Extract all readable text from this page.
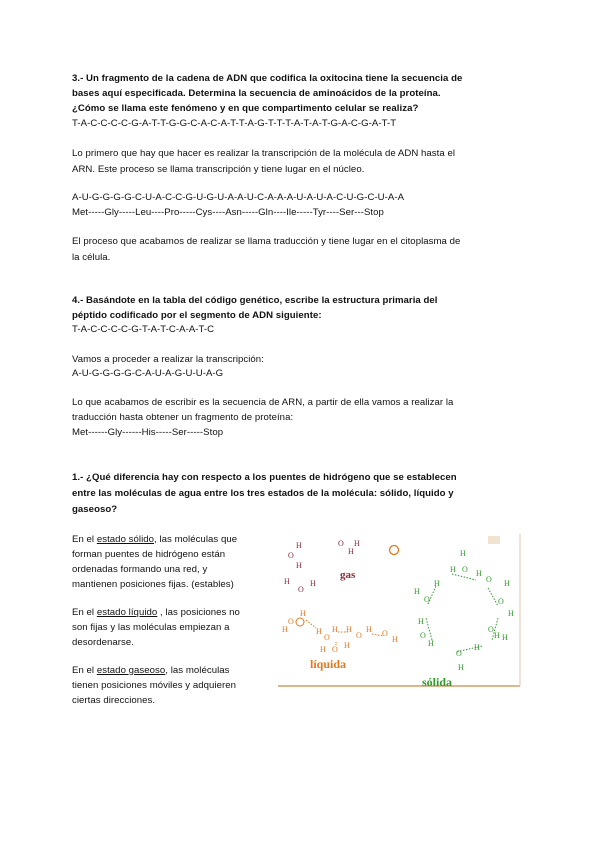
3.- Un fragmento de la cadena de ADN que codifica la oxitocina tiene la secuencia de
bases aquí especificada. Determina la secuencia de aminoácidos de la proteína.
¿Cómo se llama este fenómeno y en que compartimento celular se realiza?
T-A-C-C-C-C-G-A-T-T-G-G-C-A-C-A-T-T-A-G-T-T-T-A-T-A-T-G-A-C-G-A-T-T
Lo primero que hay que hacer es realizar la transcripción de la molécula de ADN hasta el
ARN. Este proceso se llama transcripción y tiene lugar en el núcleo.
A-U-G-G-G-G-C-U-A-C-C-G-U-G-U-A-A-U-C-A-A-A-U-A-U-A-C-U-G-C-U-A-A
Met-----Gly-----Leu----Pro-----Cys----Asn-----Gln----Ile-----Tyr----Ser---Stop
El proceso que acabamos de realizar se llama traducción y tiene lugar en el citoplasma de
la célula.
4.- Basándote en la tabla del código genético, escribe la estructura primaria del
péptido codificado por el segmento de ADN siguiente:
T-A-C-C-C-C-G-T-A-T-C-A-A-T-C
Vamos a proceder a realizar la transcripción:
A-U-G-G-G-G-C-A-U-A-G-U-U-A-G
Lo que acabamos de escribir es la secuencia de ARN, a partir de ella vamos a realizar la
traducción hasta obtener un fragmento de proteína:
Met------Gly------His-----Ser-----Stop
1.- ¿Qué diferencia hay con respecto a los puentes de hidrógeno que se establecen
entre las moléculas de agua entre los tres estados de la molécula: sólido, líquido y
gaseoso?
En el estado sólido, las moléculas que
forman puentes de hidrógeno están
ordenadas formando una red, y
mantienen posiciones fijas. (estables)
En el estado líquido , las posiciones no
son fijas y las moléculas empiezan a
desordenarse.
En el estado gaseoso, las moléculas
tienen posiciones móviles y adquieren
ciertas direcciones.
H
O
H
O
H
H
H
O
H
gas
O
H
H	H
O
H H
O
H O
H
O
H H
líquida
H
H O H
O H
O
H
H
O
H
H
O
H
H
O
H
O
H
H
sólida
